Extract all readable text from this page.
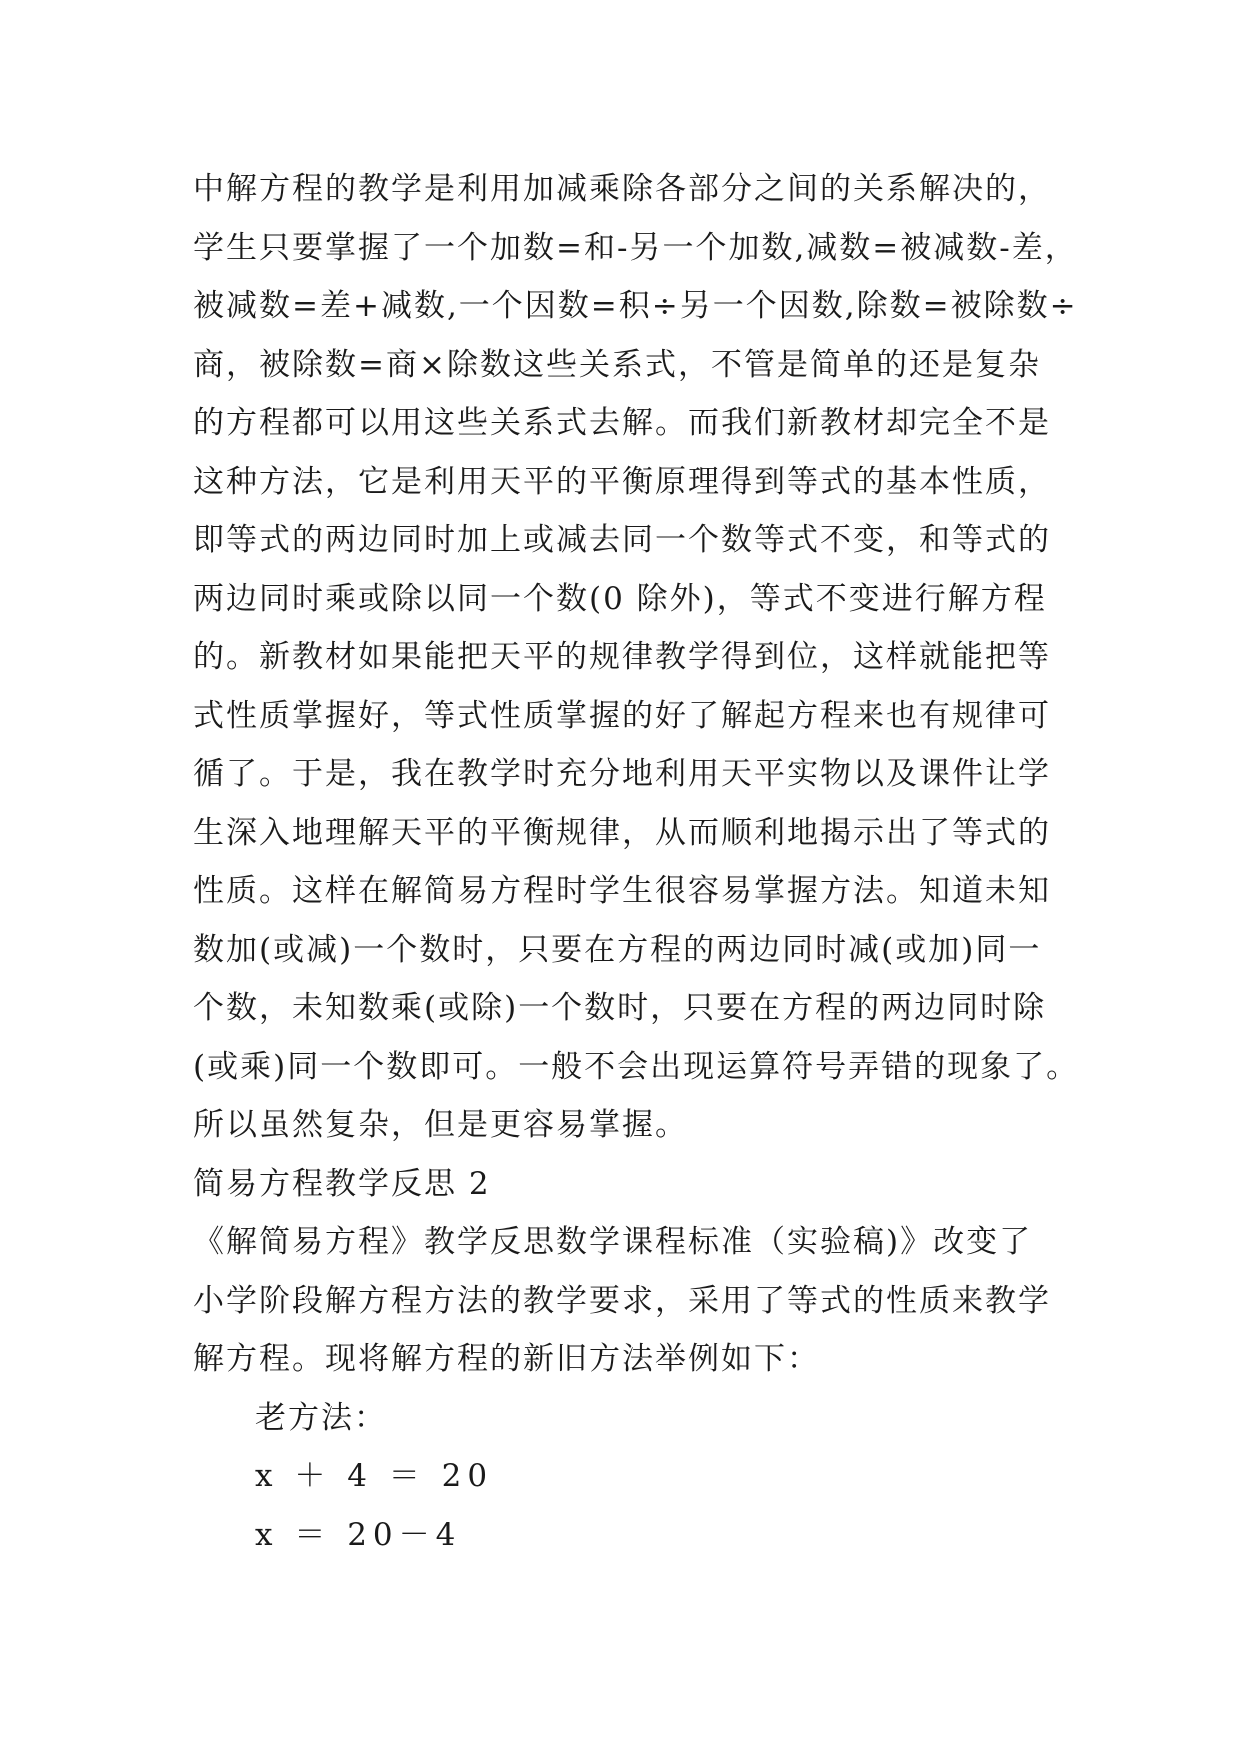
中解方程的教学是利用加减乘除各部分之间的关系解决的，
学生只要掌握了一个加数=和-另一个加数,减数=被减数-差，
被减数=差+减数,一个因数=积÷另一个因数,除数=被除数÷
商，被除数=商×除数这些关系式，不管是简单的还是复杂
的方程都可以用这些关系式去解。而我们新教材却完全不是
这种方法，它是利用天平的平衡原理得到等式的基本性质，
即等式的两边同时加上或减去同一个数等式不变，和等式的
两边同时乘或除以同一个数(0 除外)，等式不变进行解方程
的。新教材如果能把天平的规律教学得到位，这样就能把等
式性质掌握好，等式性质掌握的好了解起方程来也有规律可
循了。于是，我在教学时充分地利用天平实物以及课件让学
生深入地理解天平的平衡规律，从而顺利地揭示出了等式的
性质。这样在解简易方程时学生很容易掌握方法。知道未知
数加(或减)一个数时，只要在方程的两边同时减(或加)同一
个数，未知数乘(或除)一个数时，只要在方程的两边同时除
(或乘)同一个数即可。一般不会出现运算符号弄错的现象了。
所以虽然复杂，但是更容易掌握。
简易方程教学反思 2
《解简易方程》教学反思数学课程标准（实验稿)》改变了
小学阶段解方程方法的教学要求，采用了等式的性质来教学
解方程。现将解方程的新旧方法举例如下：
老方法：
x ＋ 4 ＝ 20
x ＝ 20－4
